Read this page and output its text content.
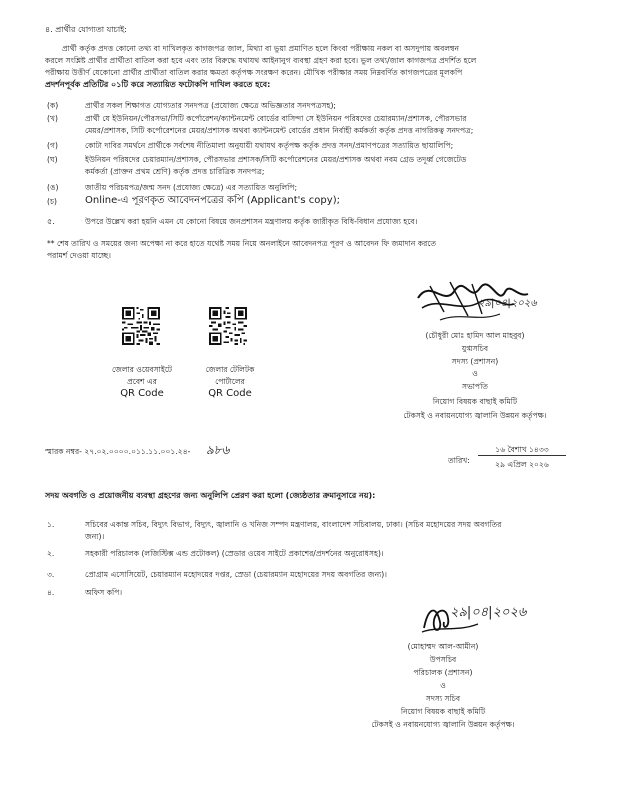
৪. প্রার্থীর যোগ্যতা যাচাই:
প্রার্থী কর্তৃক প্রদত্ত কোনো তথ্য বা দাখিলকৃত কাগজপত্র জাল, মিথ্যা বা ভুয়া প্রমাণিত হলে কিংবা পরীক্ষায় নকল বা অসদুপায় অবলম্বন
করলে সংশ্লিষ্ট প্রার্থীর প্রার্থীতা বাতিল করা হবে এবং তার বিরুদ্ধে যথাযথ আইনানুগ ব্যবস্থা গ্রহণ করা হবে। ভুল তথ্য/জাল কাগজপত্র প্রদর্শিত হলে
পরীক্ষায় উত্তীর্ণ যেকোনো প্রার্থীর প্রার্থীতা বাতিল করার ক্ষমতা কর্তৃপক্ষ সংরক্ষণ করেন। মৌখিক পরীক্ষার সময় নিম্নবর্ণিত কাগজপত্রের মূলকপি
প্রদর্শনপূর্বক প্রতিটির ০১টি করে সত্যায়িত ফটোকপি দাখিল করতে হবে:
(ক)	প্রার্থীর সকল শিক্ষাগত যোগ্যতার সনদপত্র (প্রযোজ্য ক্ষেত্রে অভিজ্ঞতার সনদপত্রসহ);
(খ)	প্রার্থী যে ইউনিয়ন/পৌরসভা/সিটি কর্পোরেশন/ক্যান্টনমেন্ট বোর্ডের বাসিন্দা সে ইউনিয়ন পরিষদের চেয়ারম্যান/প্রশাসক, পৌরসভার
মেয়র/প্রশাসক, সিটি কর্পোরেশনের মেয়র/প্রশাসক অথবা ক্যান্টনমেন্ট বোর্ডের প্রধান নির্বাহী কর্মকর্তা কর্তৃক প্রদত্ত নাগরিকত্ব সনদপত্র;
(গ)	কোটা দাবির সমর্থনে প্রার্থীকে সর্বশেষ নীতিমালা অনুযায়ী যথাযথ কর্তৃপক্ষ কর্তৃক প্রদত্ত সনদ/প্রমাণপত্রের সত্যায়িত ছায়ালিপি;
(ঘ)	ইউনিয়ন পরিষদের চেয়ারম্যান/প্রশাসক, পৌরসভার প্রশাসক/সিটি কর্পোরেশনের মেয়র/প্রশাসক অথবা নবম গ্রেড তদূর্ধ্ব গেজেটেড
কর্মকর্তা (প্রাক্তন প্রথম শ্রেণি) কর্তৃক প্রদত্ত চারিত্রিক সনদপত্র;
(ঙ)	জাতীয় পরিচয়পত্র/জন্ম সনদ (প্রযোজ্য ক্ষেত্রে) এর সত্যায়িত অনুলিপি;
(চ)	Online-এ পূরণকৃত আবেদনপত্রের কপি (Applicant's copy);
৫.	উপরে উল্লেখ করা হয়নি এমন যে কোনো বিষয়ে জনপ্রশাসন মন্ত্রণালয় কর্তৃক জারীকৃত বিধি-বিধান প্রযোজ্য হবে।
** শেষ তারিখ ও সময়ের জন্য অপেক্ষা না করে হাতে যথেষ্ট সময় নিয়ে অনলাইনে আবেদনপত্র পূরণ ও আবেদন ফি জমাদান করতে
পরামর্শ দেওয়া যাচ্ছে।
২৯|০৪|২০২৬
(চৌধুরী মোঃ হামিদ আল মাহবুব)
যুগ্মসচিব
সদস্য (প্রশাসন)
ও
সভাপতি
নিয়োগ বিষয়ক বাছাই কমিটি
টেকসই ও নবায়নযোগ্য জ্বালানি উন্নয়ন কর্তৃপক্ষ।
জেলার ওয়েবসাইটে
প্রবেশ এর
QR Code
জেলার টেলিটক
পোর্টালের
QR Code
স্মারক নম্বর- ২৭.০২.০০০০.০১১.১১.০০১.২৪- ৯৮৬
তারিখ:
১৬ বৈশাখ ১৪৩৩
২৯ এপ্রিল ২০২৬
সদয় অবগতি ও প্রয়োজনীয় ব্যবস্থা গ্রহণের জন্য অনুলিপি প্রেরণ করা হলো (জ্যেষ্ঠতার ক্রমানুসারে নয়):
১.	সচিবের একান্ত সচিব, বিদ্যুৎ বিভাগ, বিদ্যুৎ, জ্বালানি ও খনিজ সম্পদ মন্ত্রণালয়, বাংলাদেশ সচিবালয়, ঢাকা। (সচিব মহোদয়ের সদয় অবগতির
জন্য)।
২.	সহকারী পরিচালক (লজিস্টিক্স এন্ড প্রটোকল) (স্রেডার ওয়েব সাইটে প্রকাশের/প্রদর্শনের অনুরোধসহ)।
৩.	প্রোগ্রাম এসোসিয়েট, চেয়ারম্যান মহোদয়ের দপ্তর, স্রেডা (চেয়ারম্যান মহোদয়ের সদয় অবগতির জন্য)।
৪.	অফিস কপি।
২৯|০৪|২০২৬
(মোহাম্মদ আল-আমীন)
উপসচিব
পরিচালক (প্রশাসন)
ও
সদস্য সচিব
নিয়োগ বিষয়ক বাছাই কমিটি
টেকসই ও নবায়নযোগ্য জ্বালানি উন্নয়ন কর্তৃপক্ষ।
